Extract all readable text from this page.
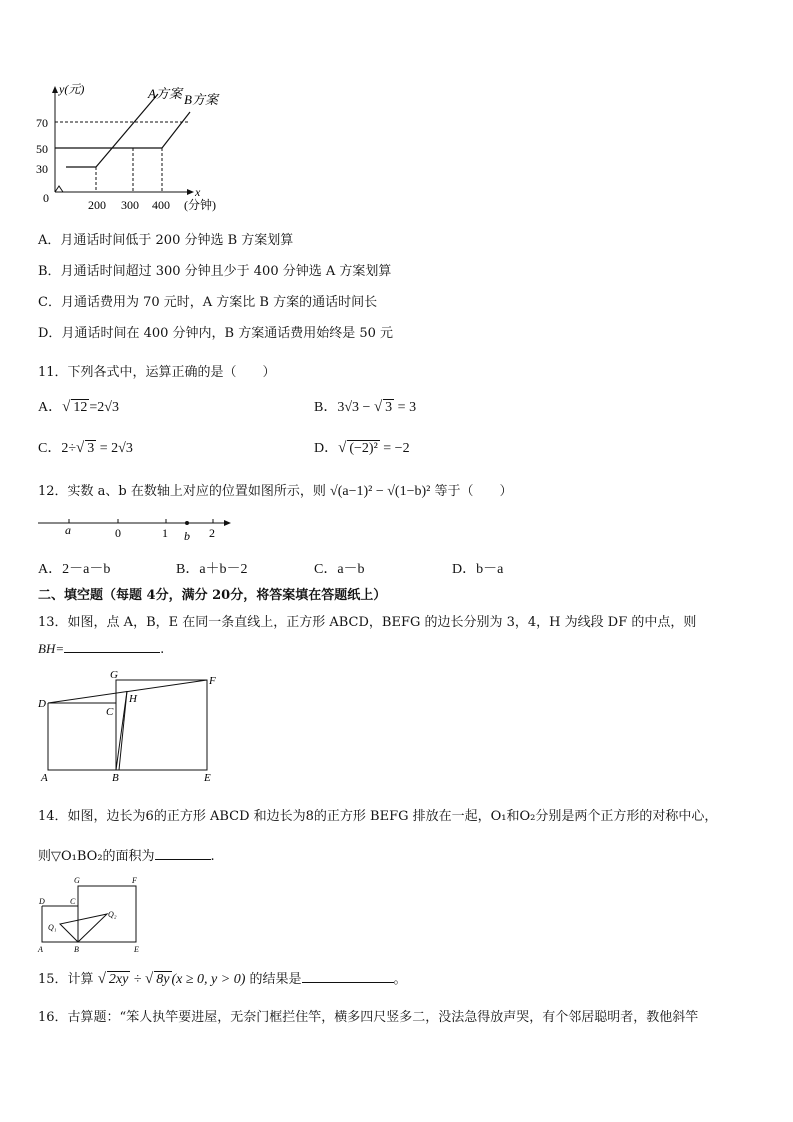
y(元)	A方案 B方案
70
50
30
0	x
200 300 400 (分钟)
A．月通话时间低于 200 分钟选 B 方案划算
B．月通话时间超过 300 分钟且少于 400 分钟选 A 方案划算
C．月通话费用为 70 元时，A 方案比 B 方案的通话时间长
D．月通话时间在 400 分钟内，B 方案通话费用始终是 50 元
11．下列各式中，运算正确的是（　　）
A．√ 12 =2√3	B．3√3 − √ 3 = 3
C．2÷√ 3 = 2√3	D．√ (−2)² = −2
12．实数 a、b 在数轴上对应的位置如图所示，则 √(a−1)² − √(1−b)² 等于（　　）
a	0	1 b 2
A．2－a－b	B．a＋b－2	C．a－b	D．b－a
二、填空题（每题 4分，满分 20分，将答案填在答题纸上）
13．如图，点 A，B，E 在同一条直线上，正方形 ABCD，BEFG 的边长分别为 3，4，H 为线段 DF 的中点，则
BH=	.
G	F
D	H
C
A	B	E
14．如图，边长为6的正方形 ABCD 和边长为8的正方形 BEFG 排放在一起，O₁和O₂分别是两个正方形的对称中心，
则▽O₁BO₂的面积为	.
G	F
D	C
Q₂
Q₁
A	B	E
15．计算 √ 2xy ÷ √ 8y (x ≥ 0, y > 0) 的结果是	。
16．古算题：“笨人执竿要进屋，无奈门框拦住竿，横多四尺竖多二，没法急得放声哭，有个邻居聪明者，教他斜竿
